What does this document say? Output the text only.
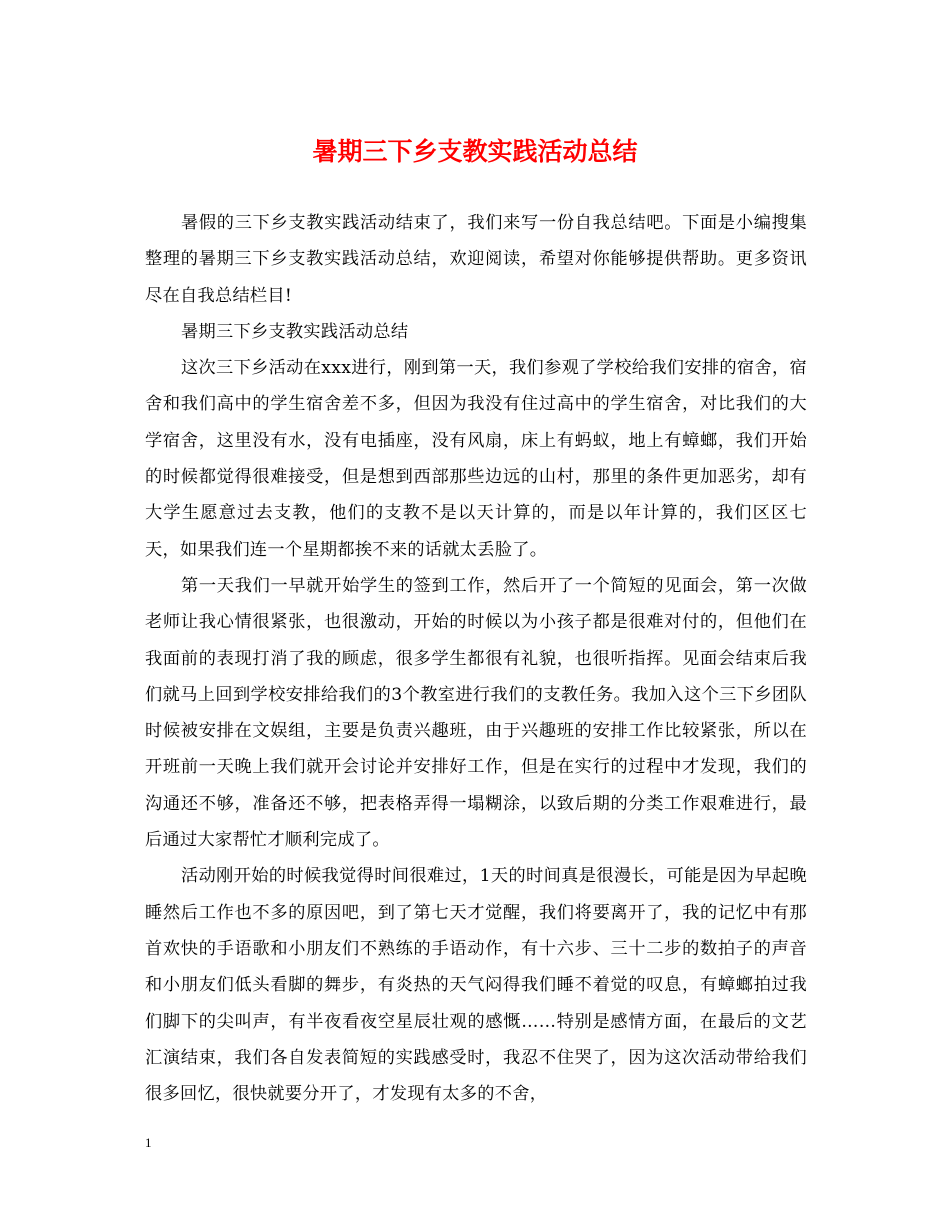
暑期三下乡支教实践活动总结

暑假的三下乡支教实践活动结束了，我们来写一份自我总结吧。下面是小编搜集整理的暑期三下乡支教实践活动总结，欢迎阅读，希望对你能够提供帮助。更多资讯尽在自我总结栏目!

暑期三下乡支教实践活动总结

这次三下乡活动在xxx进行，刚到第一天，我们参观了学校给我们安排的宿舍，宿舍和我们高中的学生宿舍差不多，但因为我没有住过高中的学生宿舍，对比我们的大学宿舍，这里没有水，没有电插座，没有风扇，床上有蚂蚁，地上有蟑螂，我们开始的时候都觉得很难接受，但是想到西部那些边远的山村，那里的条件更加恶劣，却有大学生愿意过去支教，他们的支教不是以天计算的，而是以年计算的，我们区区七天，如果我们连一个星期都挨不来的话就太丢脸了。

第一天我们一早就开始学生的签到工作，然后开了一个简短的见面会，第一次做老师让我心情很紧张，也很激动，开始的时候以为小孩子都是很难对付的，但他们在我面前的表现打消了我的顾虑，很多学生都很有礼貌，也很听指挥。见面会结束后我们就马上回到学校安排给我们的3个教室进行我们的支教任务。我加入这个三下乡团队时候被安排在文娱组，主要是负责兴趣班，由于兴趣班的安排工作比较紧张，所以在开班前一天晚上我们就开会讨论并安排好工作，但是在实行的过程中才发现，我们的沟通还不够，准备还不够，把表格弄得一塌糊涂，以致后期的分类工作艰难进行，最后通过大家帮忙才顺利完成了。

活动刚开始的时候我觉得时间很难过，1天的时间真是很漫长，可能是因为早起晚睡然后工作也不多的原因吧，到了第七天才觉醒，我们将要离开了，我的记忆中有那首欢快的手语歌和小朋友们不熟练的手语动作，有十六步、三十二步的数拍子的声音和小朋友们低头看脚的舞步，有炎热的天气闷得我们睡不着觉的叹息，有蟑螂拍过我们脚下的尖叫声，有半夜看夜空星辰壮观的感慨……特别是感情方面，在最后的文艺汇演结束，我们各自发表简短的实践感受时，我忍不住哭了，因为这次活动带给我们很多回忆，很快就要分开了，才发现有太多的不舍，

1
